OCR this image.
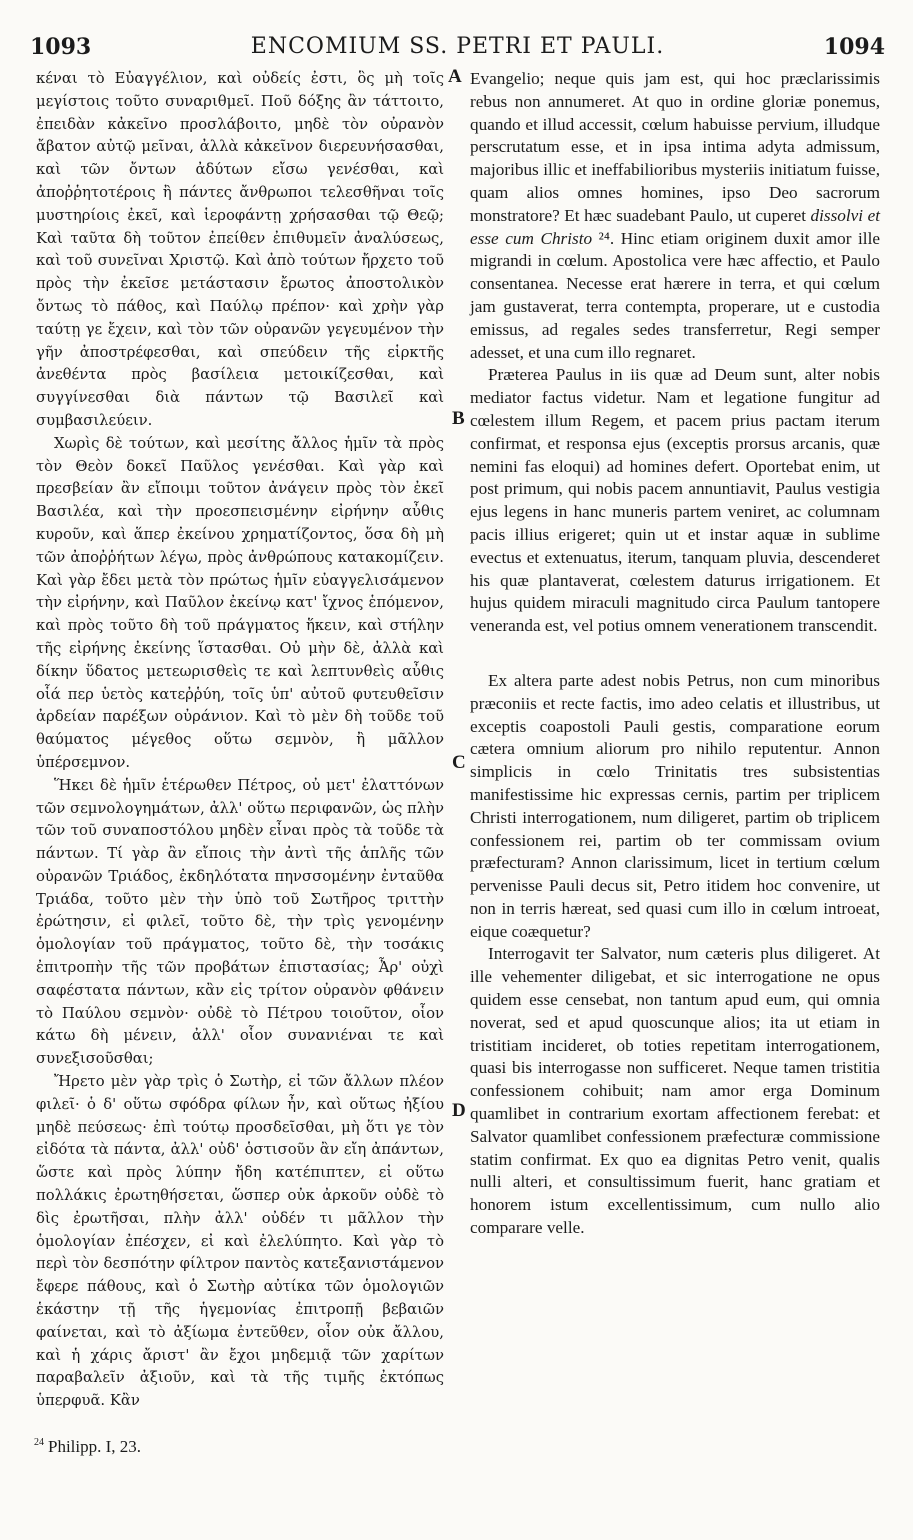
1093	ENCOMIUM SS. PETRI ET PAULI.	1094

κέναι τὸ Εὐαγγέλιον, καὶ οὐδείς ἐστι, ὃς μὴ τοῖς μεγίστοις τοῦτο συναριθμεῖ. Ποῦ δόξης ἂν τάττοιτο, ἐπειδὰν κἀκεῖνο προσλάβοιτο, μηδὲ τὸν οὐρανὸν ἄβατον αὐτῷ μεῖναι, ἀλλὰ κἀκεῖνον διερευνήσασθαι, καὶ τῶν ὄντων ἀδύτων εἴσω γενέσθαι, καὶ ἀποῤῥητοτέροις ἢ πάντες ἄνθρωποι τελεσθῆναι τοῖς μυστηρίοις ἐκεῖ, καὶ ἱεροφάντῃ χρήσασθαι τῷ Θεῷ; Καὶ ταῦτα δὴ τοῦτον ἐπείθεν ἐπιθυμεῖν ἀναλύσεως, καὶ τοῦ συνεῖναι Χριστῷ. Καὶ ἀπὸ τούτων ἤρχετο τοῦ πρὸς τὴν ἐκεῖσε μετάστασιν ἔρωτος ἀποστολικὸν ὄντως τὸ πάθος, καὶ Παύλῳ πρέπον· καὶ χρὴν γὰρ ταύτῃ γε ἔχειν, καὶ τὸν τῶν οὐρανῶν γεγευμένον τὴν γῆν ἀποστρέφεσθαι, καὶ σπεύδειν τῆς εἱρκτῆς ἀνεθέντα πρὸς βασίλεια μετοικίζεσθαι, καὶ συγγίνεσθαι διὰ πάντων τῷ Βασιλεῖ καὶ συμβασιλεύειν.

Χωρὶς δὲ τούτων, καὶ μεσίτης ἄλλος ἡμῖν τὰ πρὸς τὸν Θεὸν δοκεῖ Παῦλος γενέσθαι. Καὶ γὰρ καὶ πρεσβείαν ἂν εἴποιμι τοῦτον ἀνάγειν πρὸς τὸν ἐκεῖ Βασιλέα, καὶ τὴν προεσπεισμένην εἰρήνην αὖθις κυροῦν, καὶ ἅπερ ἐκείνου χρηματίζοντος, ὅσα δὴ μὴ τῶν ἀποῤῥήτων λέγω, πρὸς ἀνθρώπους κατακομίζειν. Καὶ γὰρ ἔδει μετὰ τὸν πρώτως ἡμῖν εὐαγγελισάμενον τὴν εἰρήνην, καὶ Παῦλον ἐκείνῳ κατ' ἴχνος ἑπόμενον, καὶ πρὸς τοῦτο δὴ τοῦ πράγματος ἥκειν, καὶ στήλην τῆς εἰρήνης ἐκείνης ἵστασθαι. Οὐ μὴν δὲ, ἀλλὰ καὶ δίκην ὕδατος μετεωρισθεὶς τε καὶ λεπτυνθεὶς αὖθις οἷά περ ὑετὸς κατεῤῥύη, τοῖς ὑπ' αὐτοῦ φυτευθεῖσιν ἀρδείαν παρέξων οὐράνιον. Καὶ τὸ μὲν δὴ τοῦδε τοῦ θαύματος μέγεθος οὕτω σεμνὸν, ἢ μᾶλλον ὑπέρσεμνον.

Ἥκει δὲ ἡμῖν ἑτέρωθεν Πέτρος, οὐ μετ' ἐλαττόνων τῶν σεμνολογημάτων, ἀλλ' οὕτω περιφανῶν, ὡς πλὴν τῶν τοῦ συναποστόλου μηδὲν εἶναι πρὸς τὰ τοῦδε τὰ πάντων. Τί γὰρ ἂν εἴποις τὴν ἀντὶ τῆς ἁπλῆς τῶν οὐρανῶν Τριάδος, ἐκδηλότατα πηνσσομένην ἐνταῦθα Τριάδα, τοῦτο μὲν τὴν ὑπὸ τοῦ Σωτῆρος τριττὴν ἐρώτησιν, εἰ φιλεῖ, τοῦτο δὲ, τὴν τρὶς γενομένην ὁμολογίαν τοῦ πράγματος, τοῦτο δὲ, τὴν τοσάκις ἐπιτροπὴν τῆς τῶν προβάτων ἐπιστασίας; Ἆρ' οὐχὶ σαφέστατα πάντων, κἂν εἰς τρίτον οὐρανὸν φθάνειν τὸ Παύλου σεμνὸν· οὐδὲ τὸ Πέτρου τοιοῦτον, οἷον κάτω δὴ μένειν, ἀλλ' οἷον συνανιέναι τε καὶ συνεξισοῦσθαι;

Ἤρετο μὲν γὰρ τρὶς ὁ Σωτὴρ, εἰ τῶν ἄλλων πλέον φιλεῖ· ὁ δ' οὕτω σφόδρα φίλων ἦν, καὶ οὕτως ἠξίου μηδὲ πεύσεως· ἐπὶ τούτῳ προσδεῖσθαι, μὴ ὅτι γε τὸν εἰδότα τὰ πάντα, ἀλλ' οὐδ' ὁστισοῦν ἂν εἴη ἀπάντων, ὥστε καὶ πρὸς λύπην ἤδη κατέπιπτεν, εἰ οὕτω πολλάκις ἐρωτηθήσεται, ὥσπερ οὐκ ἀρκοῦν οὐδὲ τὸ δὶς ἐρωτῆσαι, πλὴν ἀλλ' οὐδέν τι μᾶλλον τὴν ὁμολογίαν ἐπέσχεν, εἰ καὶ ἐλελύπητο. Καὶ γὰρ τὸ περὶ τὸν δεσπότην φίλτρον παντὸς κατεξανιστάμενον ἔφερε πάθους, καὶ ὁ Σωτὴρ αὐτίκα τῶν ὁμολογιῶν ἑκάστην τῇ τῆς ἡγεμονίας ἐπιτροπῇ βεβαιῶν φαίνεται, καὶ τὸ ἀξίωμα ἐντεῦθεν, οἷον οὐκ ἄλλου, καὶ ἡ χάρις ἄριστ' ἂν ἔχοι μηδεμιᾷ τῶν χαρίτων παραβαλεῖν ἀξιοῦν, καὶ τὰ τῆς τιμῆς ἐκτόπως ὑπερφυᾶ. Κἂν

A
B
C
D

Evangelio; neque quis jam est, qui hoc præclarissimis rebus non annumeret. At quo in ordine gloriæ ponemus, quando et illud accessit, cœlum habuisse pervium, illudque perscrutatum esse, et in ipsa intima adyta admissum, majoribus illic et ineffabilioribus mysteriis initiatum fuisse, quam alios omnes homines, ipso Deo sacrorum monstratore? Et hæc suadebant Paulo, ut cuperet dissolvi et esse cum Christo ²⁴. Hinc etiam originem duxit amor ille migrandi in cœlum. Apostolica vere hæc affectio, et Paulo consentanea. Necesse erat hærere in terra, et qui cœlum jam gustaverat, terra contempta, properare, ut e custodia emissus, ad regales sedes transferretur, Regi semper adesset, et una cum illo regnaret.

Præterea Paulus in iis quæ ad Deum sunt, alter nobis mediator factus videtur. Nam et legatione fungitur ad cœlestem illum Regem, et pacem prius pactam iterum confirmat, et responsa ejus (exceptis prorsus arcanis, quæ nemini fas eloqui) ad homines defert. Oportebat enim, ut post primum, qui nobis pacem annuntiavit, Paulus vestigia ejus legens in hanc muneris partem veniret, ac columnam pacis illius erigeret; quin ut et instar aquæ in sublime evectus et extenuatus, iterum, tanquam pluvia, descenderet his quæ plantaverat, cœlestem daturus irrigationem. Et hujus quidem miraculi magnitudo circa Paulum tantopere veneranda est, vel potius omnem venerationem transcendit.

Ex altera parte adest nobis Petrus, non cum minoribus præconiis et recte factis, imo adeo celatis et illustribus, ut exceptis coapostoli Pauli gestis, comparatione eorum cætera omnium aliorum pro nihilo reputentur. Annon simplicis in cœlo Trinitatis tres subsistentias manifestissime hic expressas cernis, partim per triplicem Christi interrogationem, num diligeret, partim ob triplicem confessionem rei, partim ob ter commissam ovium præfecturam? Annon clarissimum, licet in tertium cœlum pervenisse Pauli decus sit, Petro itidem hoc convenire, ut non in terris hæreat, sed quasi cum illo in cœlum introeat, eique coæquetur?

Interrogavit ter Salvator, num cæteris plus diligeret. At ille vehementer diligebat, et sic interrogatione ne opus quidem esse censebat, non tantum apud eum, qui omnia noverat, sed et apud quoscunque alios; ita ut etiam in tristitiam incideret, ob toties repetitam interrogationem, quasi bis interrogasse non sufficeret. Neque tamen tristitia confessionem cohibuit; nam amor erga Dominum quamlibet in contrarium exortam affectionem ferebat: et Salvator quamlibet confessionem præfecturæ commissione statim confirmat. Ex quo ea dignitas Petro venit, qualis nulli alteri, et consultissimum fuerit, hanc gratiam et honorem istum excellentissimum, cum nullo alio comparare velle.

$^{24}$ Philipp. I, 23.
